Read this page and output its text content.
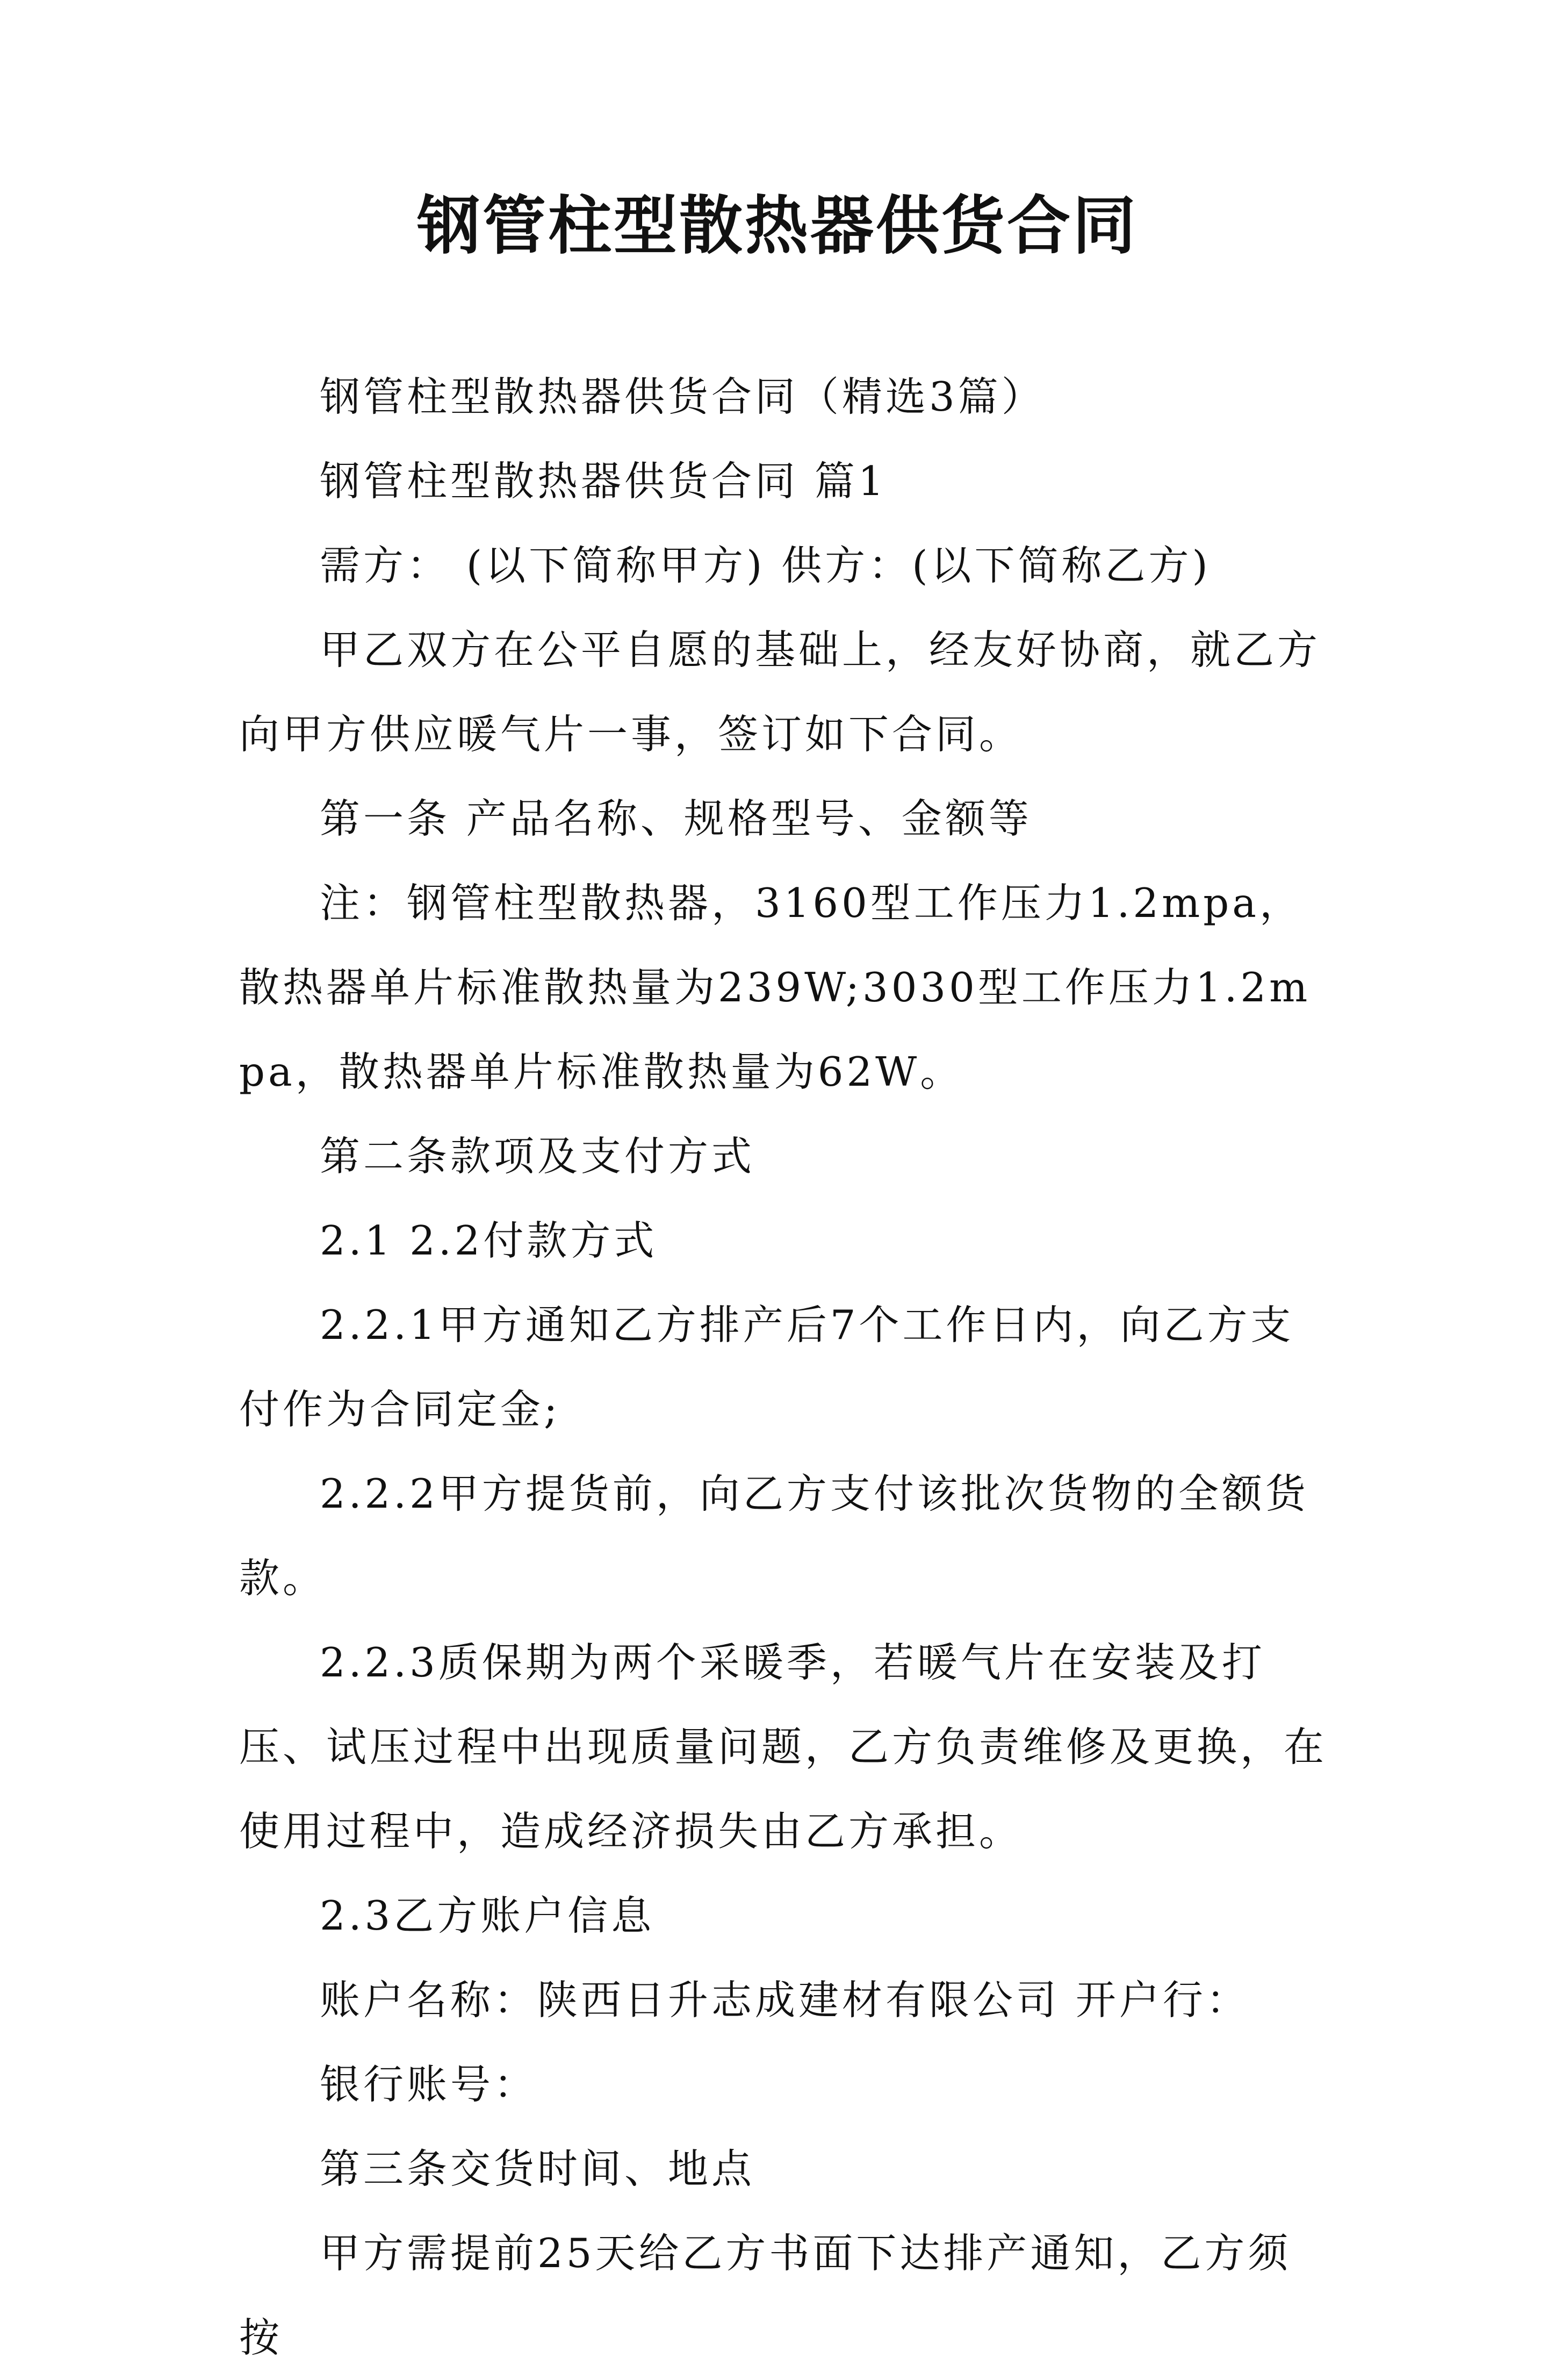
钢管柱型散热器供货合同

钢管柱型散热器供货合同（精选3篇）

钢管柱型散热器供货合同 篇1

需方： (以下简称甲方) 供方：(以下简称乙方)

甲乙双方在公平自愿的基础上，经友好协商，就乙方向甲方供应暖气片一事，签订如下合同。

第一条 产品名称、规格型号、金额等

注：钢管柱型散热器，3160型工作压力1.2mpa，散热器单片标准散热量为239W;3030型工作压力1.2mpa，散热器单片标准散热量为62W。

第二条款项及支付方式

2.1 2.2付款方式

2.2.1甲方通知乙方排产后7个工作日内，向乙方支付作为合同定金;

2.2.2甲方提货前，向乙方支付该批次货物的全额货款。

2.2.3质保期为两个采暖季，若暖气片在安装及打压、试压过程中出现质量问题，乙方负责维修及更换，在使用过程中，造成经济损失由乙方承担。

2.3乙方账户信息

账户名称：陕西日升志成建材有限公司 开户行：

银行账号：

第三条交货时间、地点

甲方需提前25天给乙方书面下达排产通知，乙方须按
